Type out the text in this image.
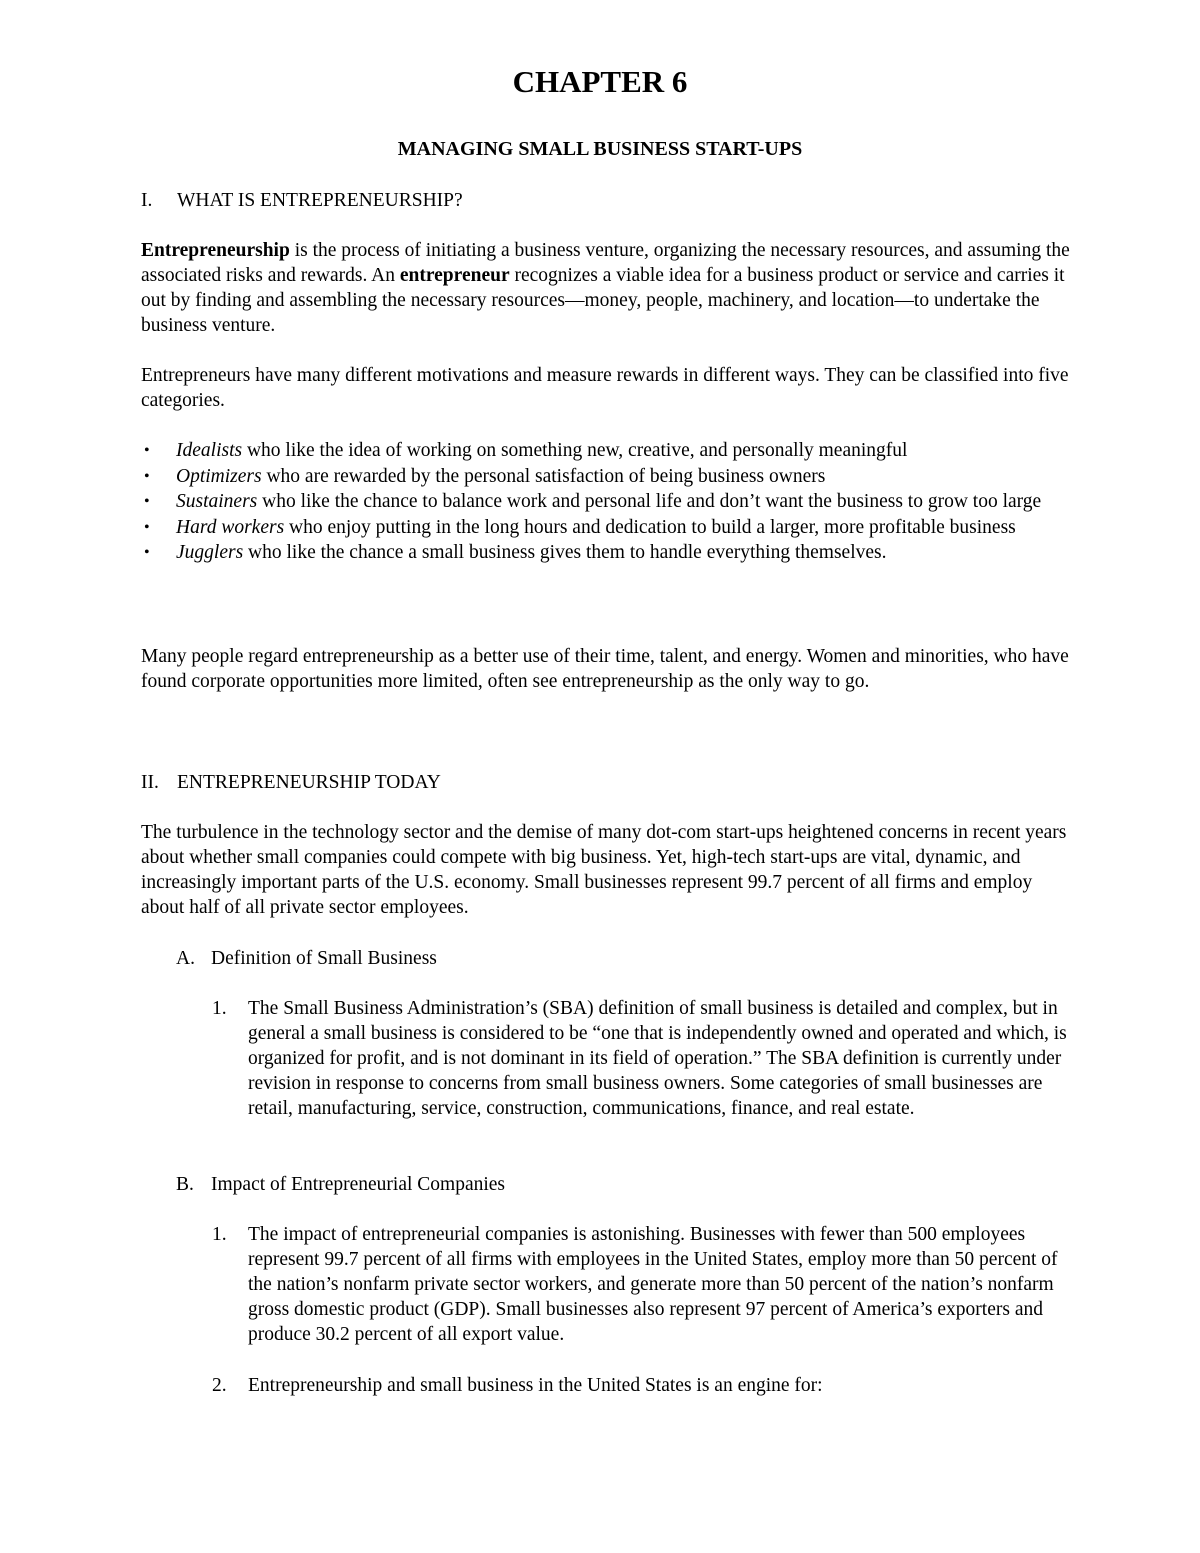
CHAPTER 6
MANAGING SMALL BUSINESS START-UPS
I. WHAT IS ENTREPRENEURSHIP?

Entrepreneurship is the process of initiating a business venture, organizing the necessary resources, and assuming the associated risks and rewards. An entrepreneur recognizes a viable idea for a business product or service and carries it out by finding and assembling the necessary resources—money, people, machinery, and location—to undertake the business venture.

Entrepreneurs have many different motivations and measure rewards in different ways. They can be classified into five categories.

• Idealists who like the idea of working on something new, creative, and personally meaningful
• Optimizers who are rewarded by the personal satisfaction of being business owners
• Sustainers who like the chance to balance work and personal life and don’t want the business to grow too large
• Hard workers who enjoy putting in the long hours and dedication to build a larger, more profitable business
• Jugglers who like the chance a small business gives them to handle everything themselves.

Many people regard entrepreneurship as a better use of their time, talent, and energy. Women and minorities, who have found corporate opportunities more limited, often see entrepreneurship as the only way to go.

II. ENTREPRENEURSHIP TODAY

The turbulence in the technology sector and the demise of many dot-com start-ups heightened concerns in recent years about whether small companies could compete with big business. Yet, high-tech start-ups are vital, dynamic, and increasingly important parts of the U.S. economy. Small businesses represent 99.7 percent of all firms and employ about half of all private sector employees.

A. Definition of Small Business
1. The Small Business Administration’s (SBA) definition of small business is detailed and complex, but in general a small business is considered to be “one that is independently owned and operated and which, is organized for profit, and is not dominant in its field of operation.” The SBA definition is currently under revision in response to concerns from small business owners. Some categories of small businesses are retail, manufacturing, service, construction, communications, finance, and real estate.
B. Impact of Entrepreneurial Companies
1. The impact of entrepreneurial companies is astonishing. Businesses with fewer than 500 employees represent 99.7 percent of all firms with employees in the United States, employ more than 50 percent of the nation’s nonfarm private sector workers, and generate more than 50 percent of the nation’s nonfarm gross domestic product (GDP). Small businesses also represent 97 percent of America’s exporters and produce 30.2 percent of all export value.
2. Entrepreneurship and small business in the United States is an engine for:
